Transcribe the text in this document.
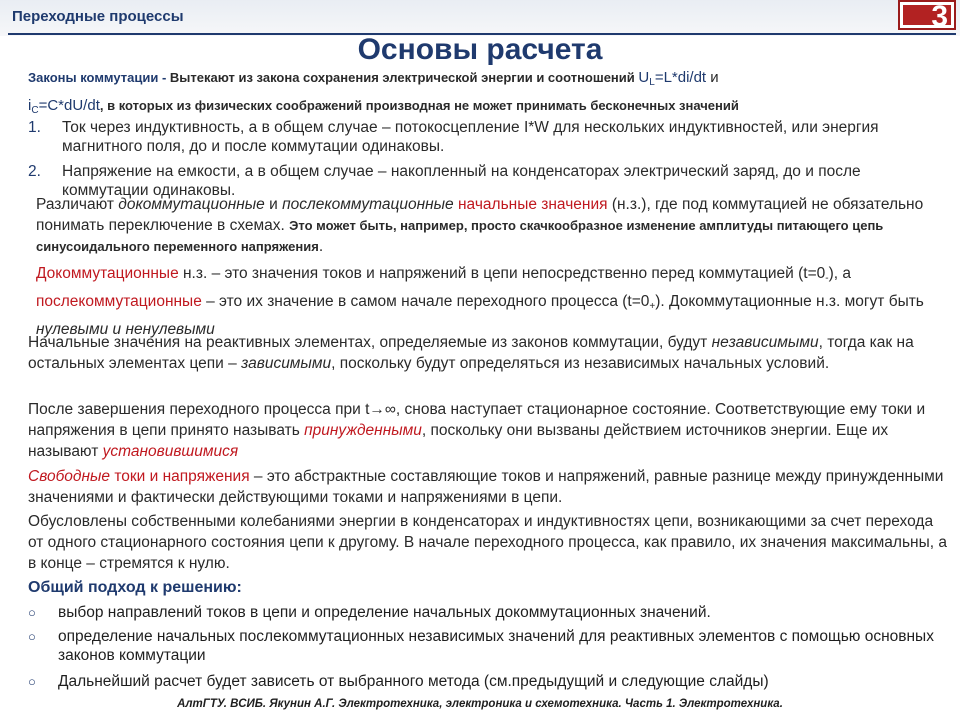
Переходные процессы	3
Основы расчета
Законы коммутации - Вытекают из закона сохранения электрической энергии и соотношений $U_L=L*di/dt$ и
$i_C=C*dU/dt$, в которых из физических соображений производная не может принимать бесконечных значений
1. Ток через индуктивность, а в общем случае – потокосцепление I*W для нескольких индуктивностей, или энергия магнитного поля, до и после коммутации одинаковы.
2. Напряжение на емкости, а в общем случае – накопленный на конденсаторах электрический заряд, до и после коммутации одинаковы.
Различают докоммутационные и послекоммутационные начальные значения (н.з.), где под коммутацией не обязательно понимать переключение в схемах. Это может быть, например, просто скачкообразное изменение амплитуды питающего цепь синусоидального переменного напряжения.
Докоммутационные н.з. – это значения токов и напряжений в цепи непосредственно перед коммутацией $(t=0_-)$, а послекоммутационные – это их значение в самом начале переходного процесса $(t=0_+)$. Докоммутационные н.з. могут быть нулевыми и ненулевыми
Начальные значения на реактивных элементах, определяемые из законов коммутации, будут независимыми, тогда как на остальных элементах цепи – зависимыми, поскольку будут определяться из независимых начальных условий.
После завершения переходного процесса при t→∞, снова наступает стационарное состояние. Соответствующие ему токи и напряжения в цепи принято называть принужденными, поскольку они вызваны действием источников энергии. Еще их называют установившимися
Свободные токи и напряжения – это абстрактные составляющие токов и напряжений, равные разнице между принужденными значениями и фактически действующими токами и напряжениями в цепи.
Обусловлены собственными колебаниями энергии в конденсаторах и индуктивностях цепи, возникающими за счет перехода от одного стационарного состояния цепи к другому. В начале переходного процесса, как правило, их значения максимальны, а в конце – стремятся к нулю.
Общий подход к решению:
○ выбор направлений токов в цепи и определение начальных докоммутационных значений.
○ определение начальных послекоммутационных независимых значений для реактивных элементов с помощью основных законов коммутации
○ Дальнейший расчет будет зависеть от выбранного метода (см.предыдущий и следующие слайды)
АлтГТУ. ВСИБ. Якунин А.Г. Электротехника, электроника и схемотехника. Часть 1. Электротехника.
